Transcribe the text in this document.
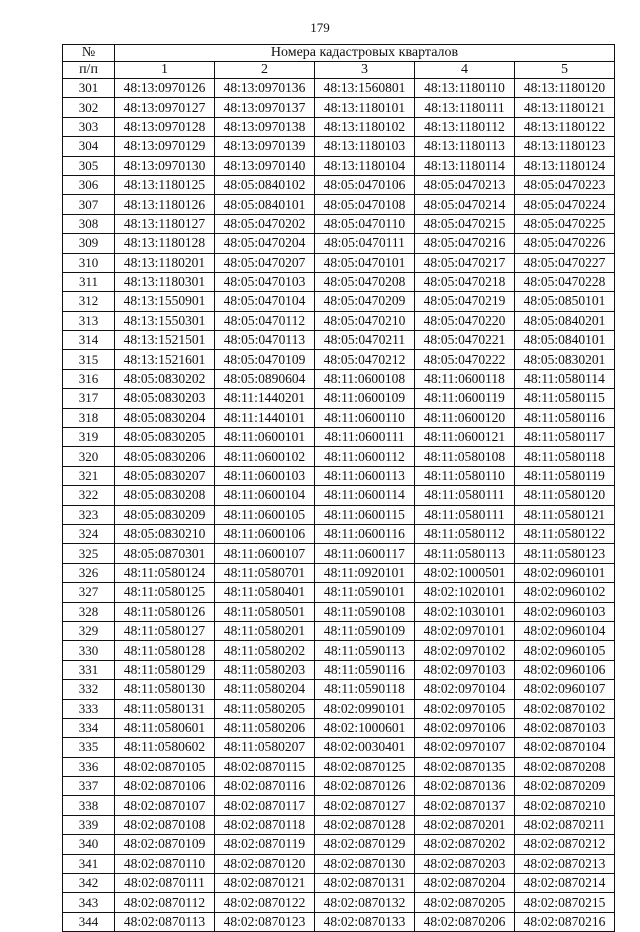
179
№	Номера кадастровых кварталов				
п/п	1	2	3	4	5
301	48:13:0970126	48:13:0970136	48:13:1560801	48:13:1180110	48:13:1180120
302	48:13:0970127	48:13:0970137	48:13:1180101	48:13:1180111	48:13:1180121
303	48:13:0970128	48:13:0970138	48:13:1180102	48:13:1180112	48:13:1180122
304	48:13:0970129	48:13:0970139	48:13:1180103	48:13:1180113	48:13:1180123
305	48:13:0970130	48:13:0970140	48:13:1180104	48:13:1180114	48:13:1180124
306	48:13:1180125	48:05:0840102	48:05:0470106	48:05:0470213	48:05:0470223
307	48:13:1180126	48:05:0840101	48:05:0470108	48:05:0470214	48:05:0470224
308	48:13:1180127	48:05:0470202	48:05:0470110	48:05:0470215	48:05:0470225
309	48:13:1180128	48:05:0470204	48:05:0470111	48:05:0470216	48:05:0470226
310	48:13:1180201	48:05:0470207	48:05:0470101	48:05:0470217	48:05:0470227
311	48:13:1180301	48:05:0470103	48:05:0470208	48:05:0470218	48:05:0470228
312	48:13:1550901	48:05:0470104	48:05:0470209	48:05:0470219	48:05:0850101
313	48:13:1550301	48:05:0470112	48:05:0470210	48:05:0470220	48:05:0840201
314	48:13:1521501	48:05:0470113	48:05:0470211	48:05:0470221	48:05:0840101
315	48:13:1521601	48:05:0470109	48:05:0470212	48:05:0470222	48:05:0830201
316	48:05:0830202	48:05:0890604	48:11:0600108	48:11:0600118	48:11:0580114
317	48:05:0830203	48:11:1440201	48:11:0600109	48:11:0600119	48:11:0580115
318	48:05:0830204	48:11:1440101	48:11:0600110	48:11:0600120	48:11:0580116
319	48:05:0830205	48:11:0600101	48:11:0600111	48:11:0600121	48:11:0580117
320	48:05:0830206	48:11:0600102	48:11:0600112	48:11:0580108	48:11:0580118
321	48:05:0830207	48:11:0600103	48:11:0600113	48:11:0580110	48:11:0580119
322	48:05:0830208	48:11:0600104	48:11:0600114	48:11:0580111	48:11:0580120
323	48:05:0830209	48:11:0600105	48:11:0600115	48:11:0580111	48:11:0580121
324	48:05:0830210	48:11:0600106	48:11:0600116	48:11:0580112	48:11:0580122
325	48:05:0870301	48:11:0600107	48:11:0600117	48:11:0580113	48:11:0580123
326	48:11:0580124	48:11:0580701	48:11:0920101	48:02:1000501	48:02:0960101
327	48:11:0580125	48:11:0580401	48:11:0590101	48:02:1020101	48:02:0960102
328	48:11:0580126	48:11:0580501	48:11:0590108	48:02:1030101	48:02:0960103
329	48:11:0580127	48:11:0580201	48:11:0590109	48:02:0970101	48:02:0960104
330	48:11:0580128	48:11:0580202	48:11:0590113	48:02:0970102	48:02:0960105
331	48:11:0580129	48:11:0580203	48:11:0590116	48:02:0970103	48:02:0960106
332	48:11:0580130	48:11:0580204	48:11:0590118	48:02:0970104	48:02:0960107
333	48:11:0580131	48:11:0580205	48:02:0990101	48:02:0970105	48:02:0870102
334	48:11:0580601	48:11:0580206	48:02:1000601	48:02:0970106	48:02:0870103
335	48:11:0580602	48:11:0580207	48:02:0030401	48:02:0970107	48:02:0870104
336	48:02:0870105	48:02:0870115	48:02:0870125	48:02:0870135	48:02:0870208
337	48:02:0870106	48:02:0870116	48:02:0870126	48:02:0870136	48:02:0870209
338	48:02:0870107	48:02:0870117	48:02:0870127	48:02:0870137	48:02:0870210
339	48:02:0870108	48:02:0870118	48:02:0870128	48:02:0870201	48:02:0870211
340	48:02:0870109	48:02:0870119	48:02:0870129	48:02:0870202	48:02:0870212
341	48:02:0870110	48:02:0870120	48:02:0870130	48:02:0870203	48:02:0870213
342	48:02:0870111	48:02:0870121	48:02:0870131	48:02:0870204	48:02:0870214
343	48:02:0870112	48:02:0870122	48:02:0870132	48:02:0870205	48:02:0870215
344	48:02:0870113	48:02:0870123	48:02:0870133	48:02:0870206	48:02:0870216
